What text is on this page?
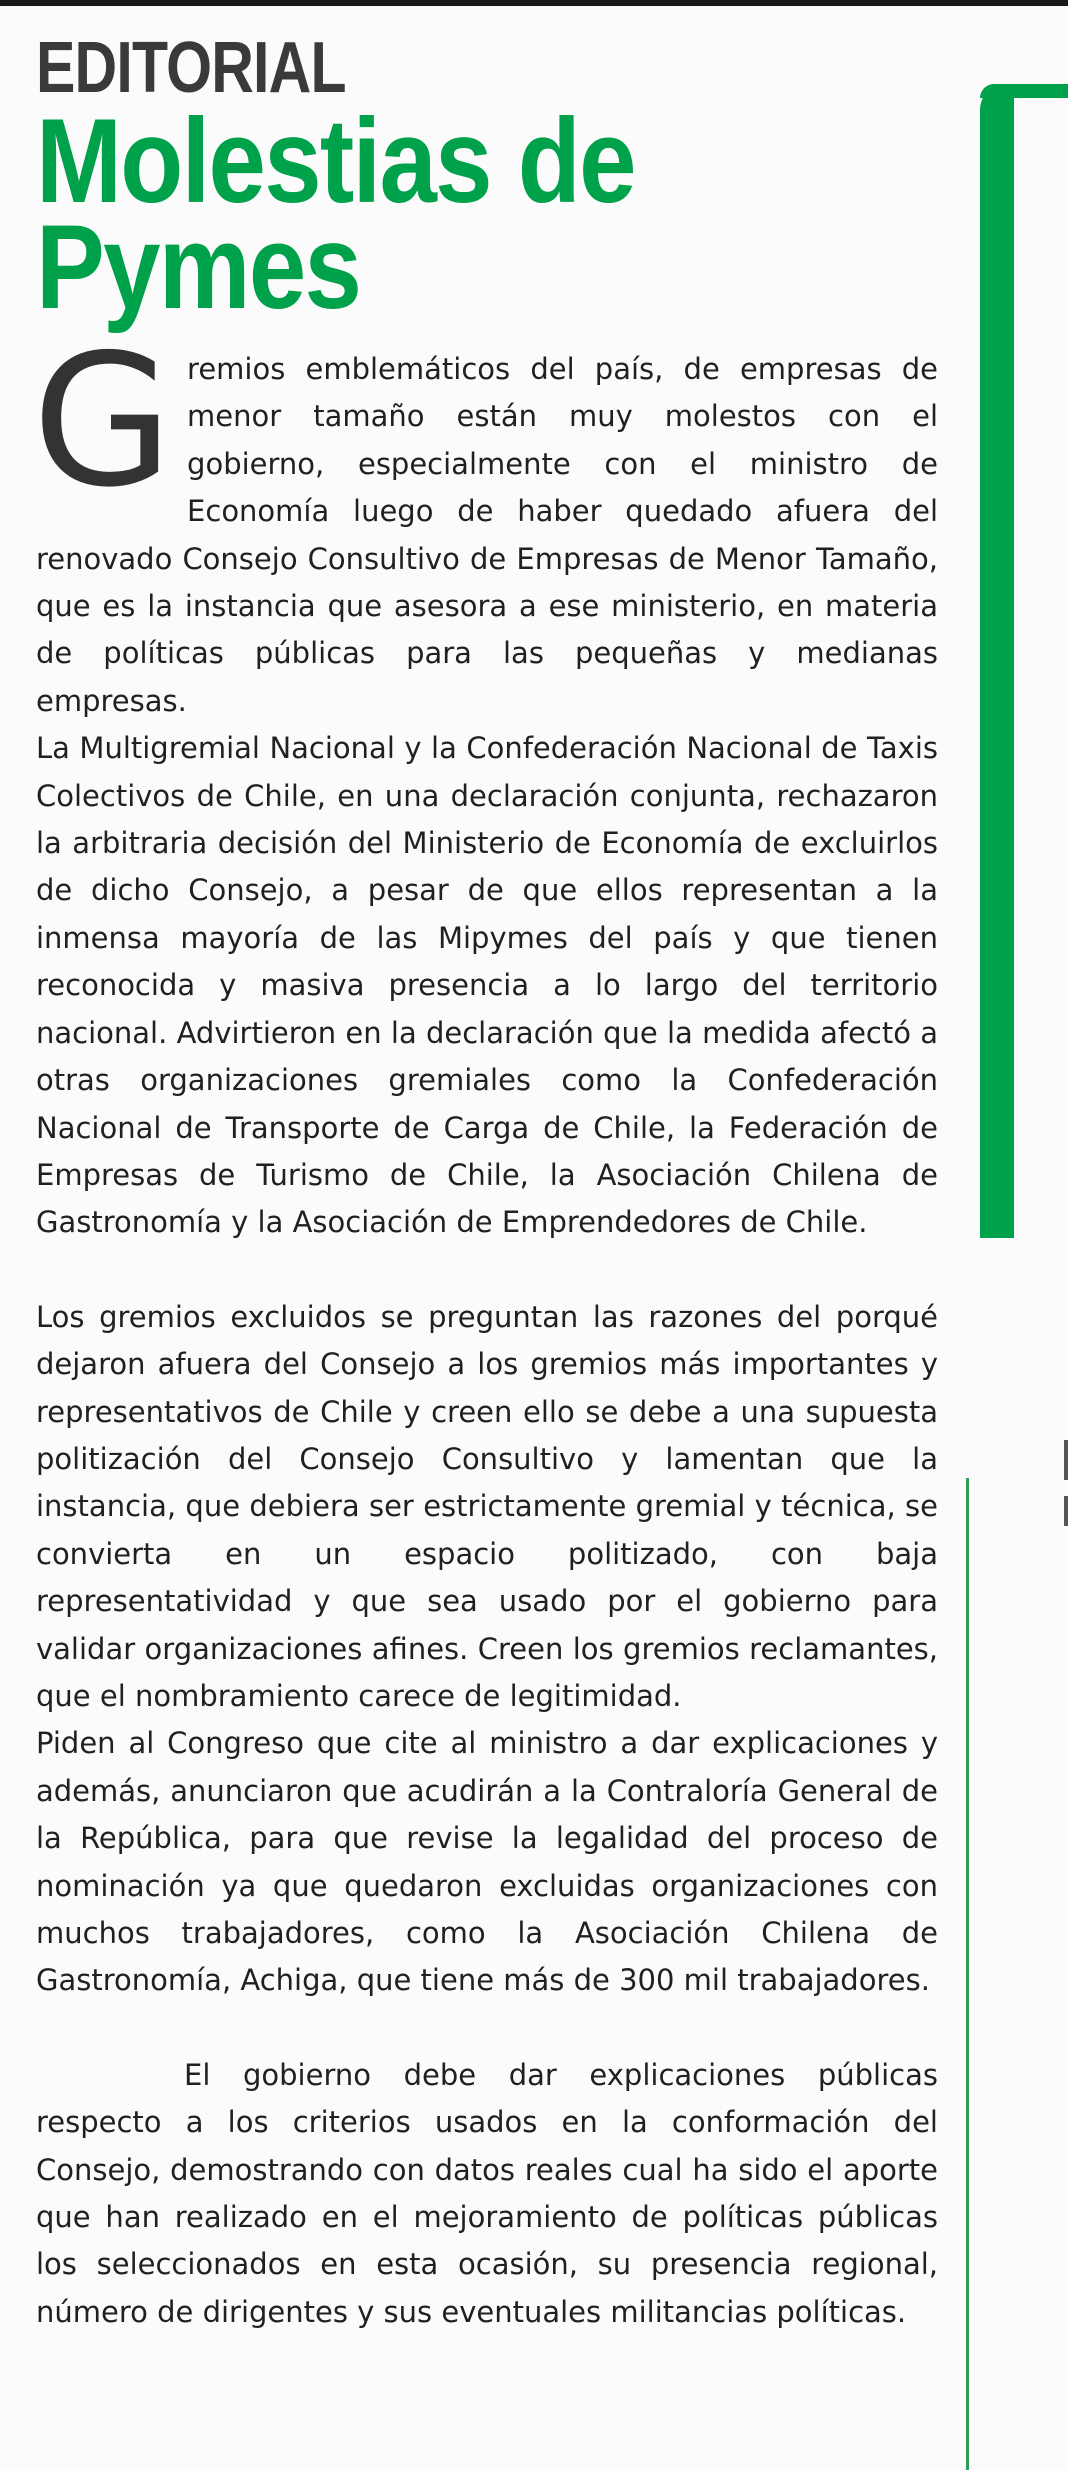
EDITORIAL
Molestias de Pymes

Gremios emblemáticos del país, de empresas de menor tamaño están muy molestos con el gobierno, especialmente con el ministro de Economía luego de haber quedado afuera del renovado Consejo Consultivo de Empresas de Menor Tamaño, que es la instancia que asesora a ese ministerio, en materia de políticas públicas para las pequeñas y medianas empresas.

La Multigremial Nacional y la Confederación Nacional de Taxis Colectivos de Chile, en una declaración conjunta, rechazaron la arbitraria decisión del Ministerio de Economía de excluirlos de dicho Consejo, a pesar de que ellos representan a la inmensa mayoría de las Mipymes del país y que tienen reconocida y masiva presencia a lo largo del territorio nacional. Advirtieron en la declaración que la medida afectó a otras organizaciones gremiales como la Confederación Nacional de Transporte de Carga de Chile, la Federación de Empresas de Turismo de Chile, la Asociación Chilena de Gastronomía y la Asociación de Emprendedores de Chile.

Los gremios excluidos se preguntan las razones del porqué dejaron afuera del Consejo a los gremios más importantes y representativos de Chile y creen ello se debe a una supuesta politización del Consejo Consultivo y lamentan que la instancia, que debiera ser estrictamente gremial y técnica, se convierta en un espacio politizado, con baja representatividad y que sea usado por el gobierno para validar organizaciones afines. Creen los gremios reclamantes, que el nombramiento carece de legitimidad.

Piden al Congreso que cite al ministro a dar explicaciones y además, anunciaron que acudirán a la Contraloría General de la República, para que revise la legalidad del proceso de nominación ya que quedaron excluidas organizaciones con muchos trabajadores, como la Asociación Chilena de Gastronomía, Achiga, que tiene más de 300 mil trabajadores.

El gobierno debe dar explicaciones públicas respecto a los criterios usados en la conformación del Consejo, demostrando con datos reales cual ha sido el aporte que han realizado en el mejoramiento de políticas públicas los seleccionados en esta ocasión, su presencia regional, número de dirigentes y sus eventuales militancias políticas.
